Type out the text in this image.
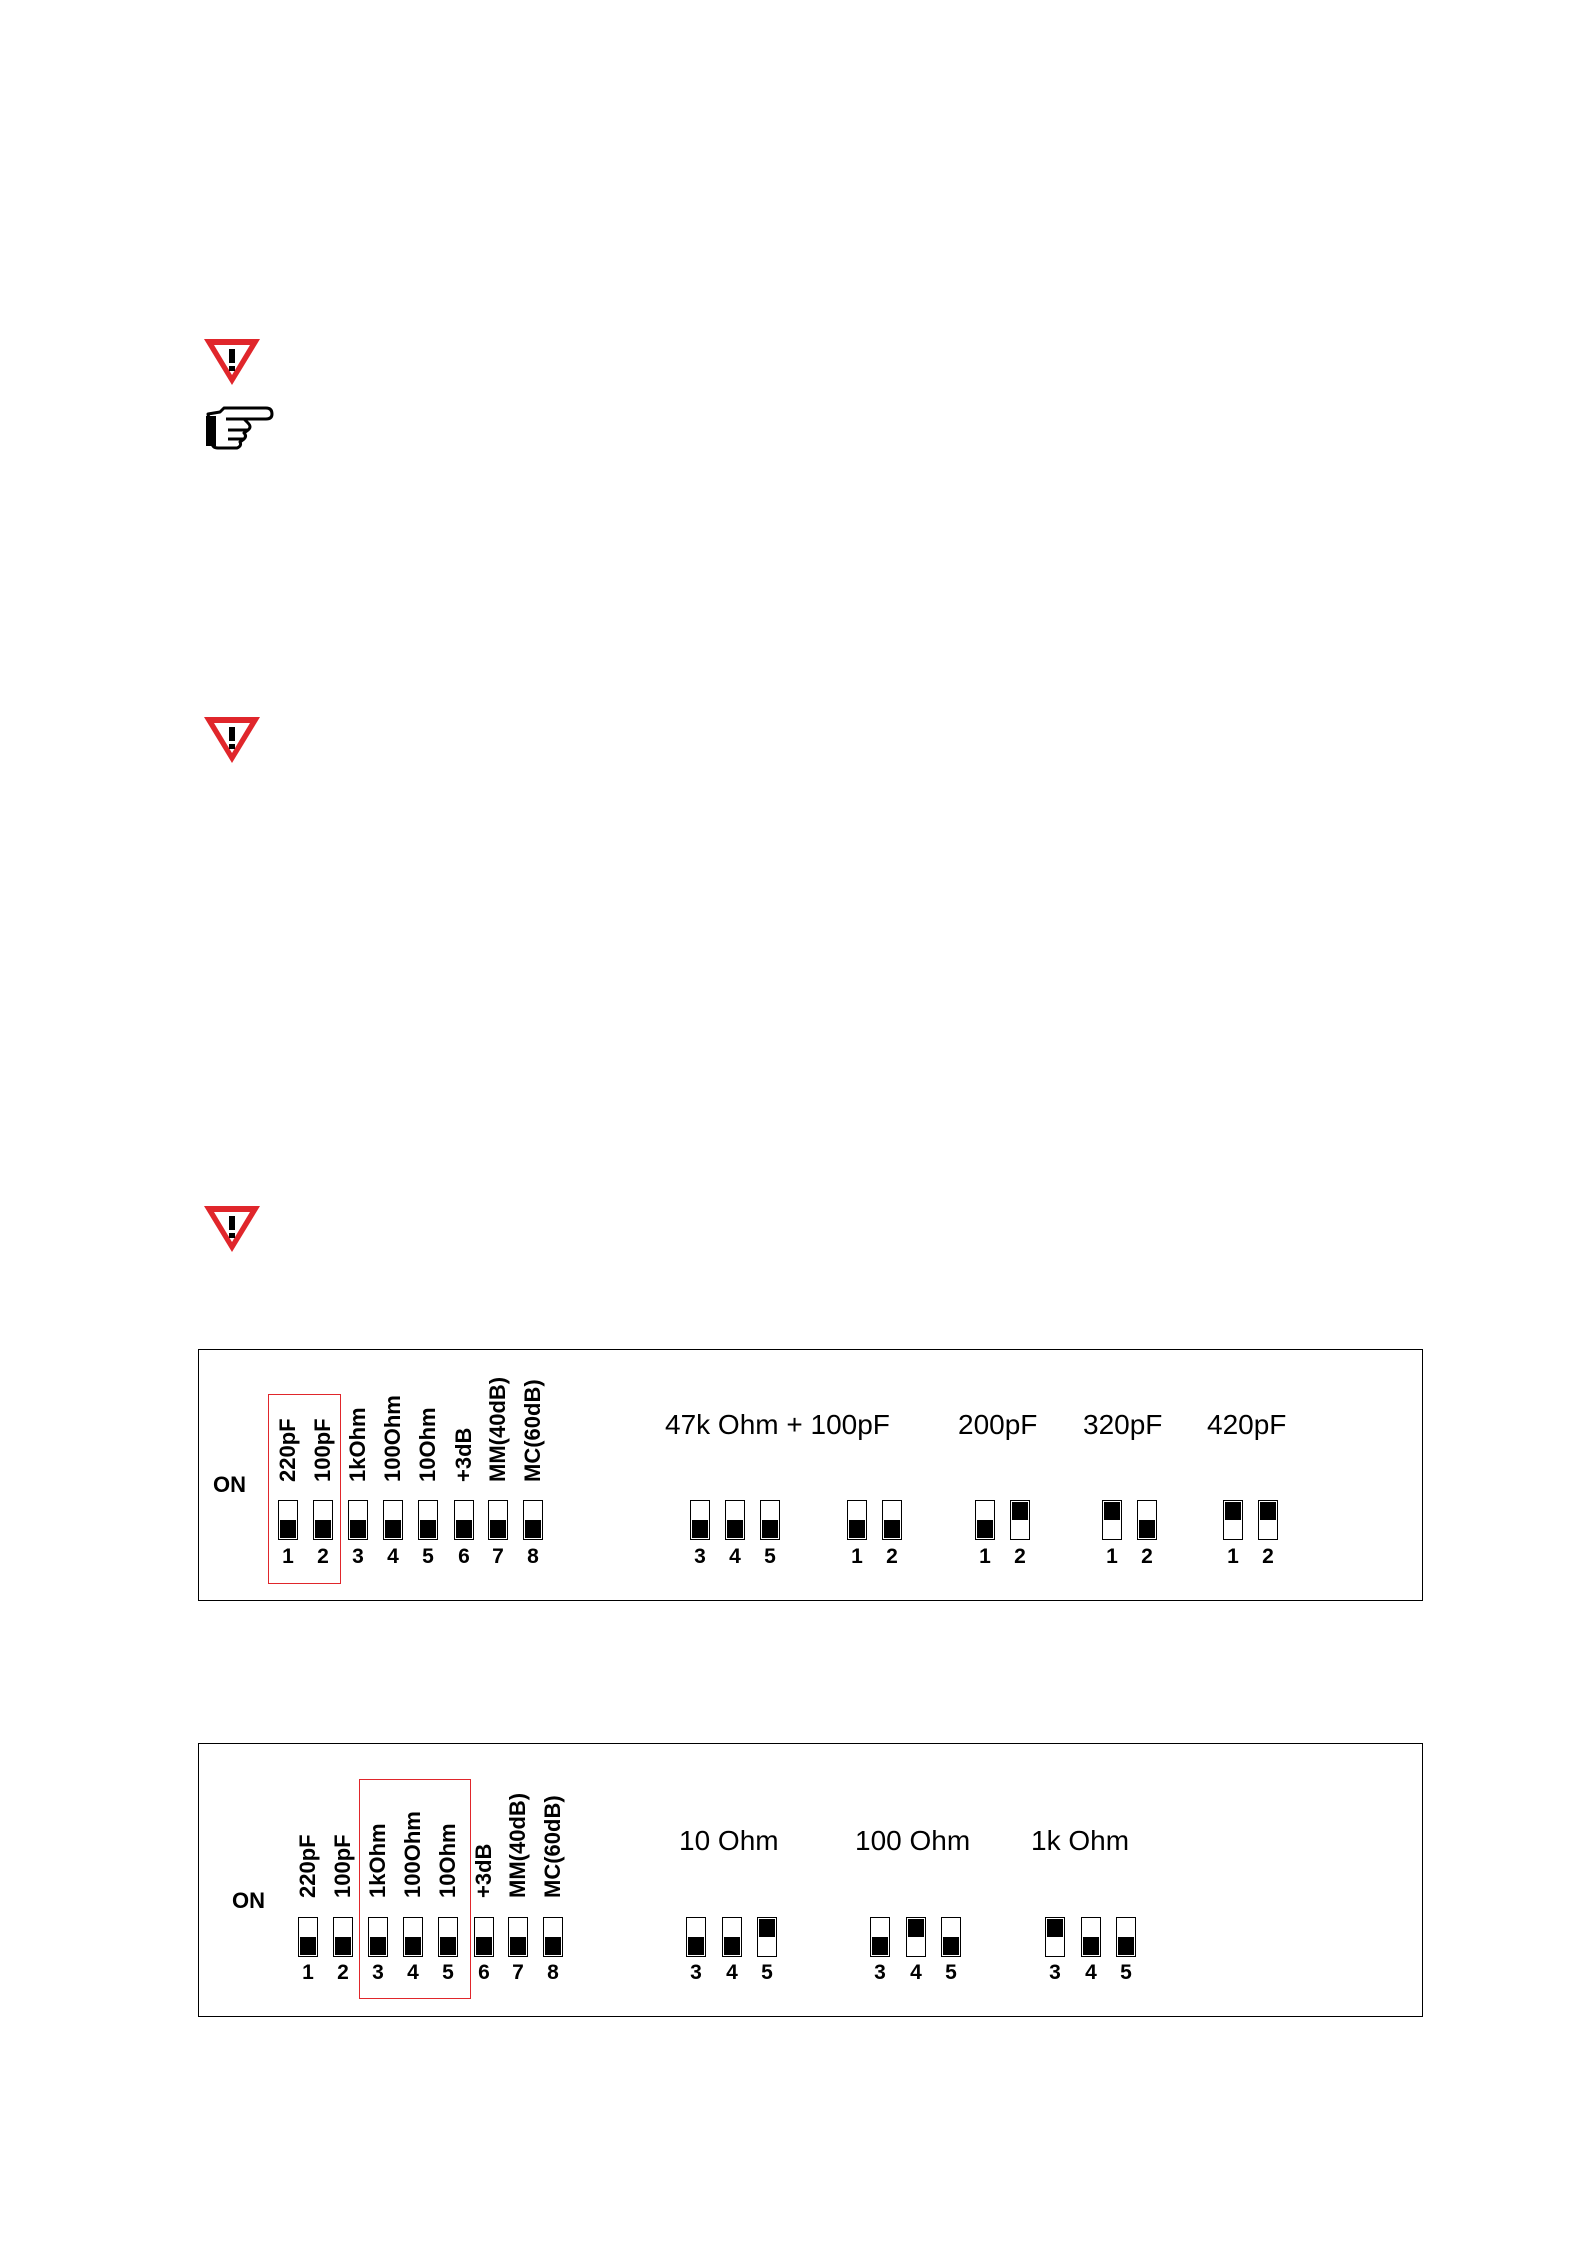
ON
220pF
1
100pF
2
1kOhm
3
100Ohm
4
10Ohm
5
+3dB
6
MM(40dB)
7
MC(60dB)
8
47k Ohm + 100pF
3 4 5	1 2
200pF
1 2
320pF
1 2
420pF
1 2
ON
220pF
1
100pF
2
1kOhm
3
100Ohm
4
10Ohm
5
+3dB
6
MM(40dB)
7
MC(60dB)
8
10 Ohm
3 4 5
100 Ohm
3 4 5
1k Ohm
3 4 5
